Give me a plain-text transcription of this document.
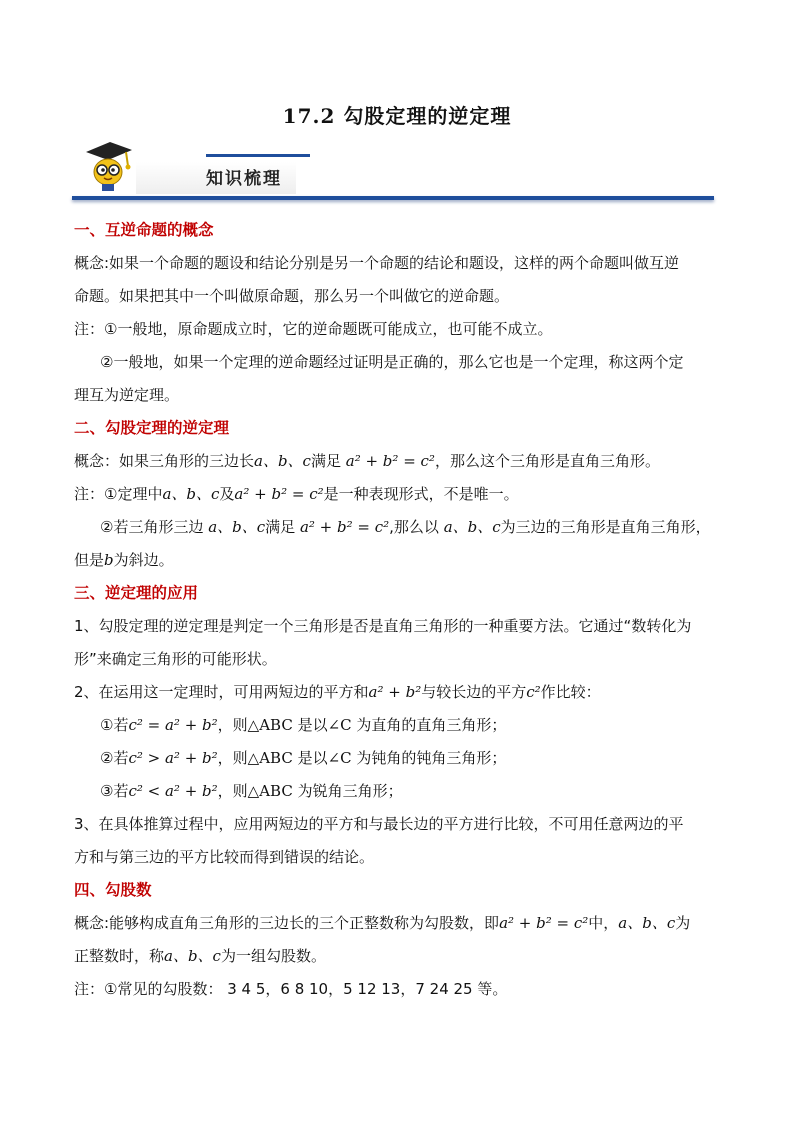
17.2 勾股定理的逆定理
知识梳理
一、互逆命题的概念
概念:如果一个命题的题设和结论分别是另一个命题的结论和题设，这样的两个命题叫做互逆
命题。如果把其中一个叫做原命题，那么另一个叫做它的逆命题。
注：①一般地，原命题成立时，它的逆命题既可能成立，也可能不成立。
②一般地，如果一个定理的逆命题经过证明是正确的，那么它也是一个定理，称这两个定
理互为逆定理。
二、勾股定理的逆定理
概念：如果三角形的三边长a、b、c满足 a² + b² = c²，那么这个三角形是直角三角形。
注：①定理中a、b、c及a² + b² = c²是一种表现形式，不是唯一。
②若三角形三边 a、b、c满足 a² + b² = c²,那么以 a、b、c为三边的三角形是直角三角形，
但是b为斜边。
三、逆定理的应用
1、勾股定理的逆定理是判定一个三角形是否是直角三角形的一种重要方法。它通过“数转化为
形”来确定三角形的可能形状。
2、在运用这一定理时，可用两短边的平方和a² + b²与较长边的平方c²作比较：
①若c² = a² + b²，则△ABC 是以∠C 为直角的直角三角形；
②若c² > a² + b²，则△ABC 是以∠C 为钝角的钝角三角形；
③若c² < a² + b²，则△ABC 为锐角三角形；
3、在具体推算过程中，应用两短边的平方和与最长边的平方进行比较，不可用任意两边的平
方和与第三边的平方比较而得到错误的结论。
四、勾股数
概念:能够构成直角三角形的三边长的三个正整数称为勾股数，即a² + b² = c²中，a、b、c为
正整数时，称a、b、c为一组勾股数。
注：①常见的勾股数： 3 4 5，6 8 10，5 12 13，7 24 25 等。
